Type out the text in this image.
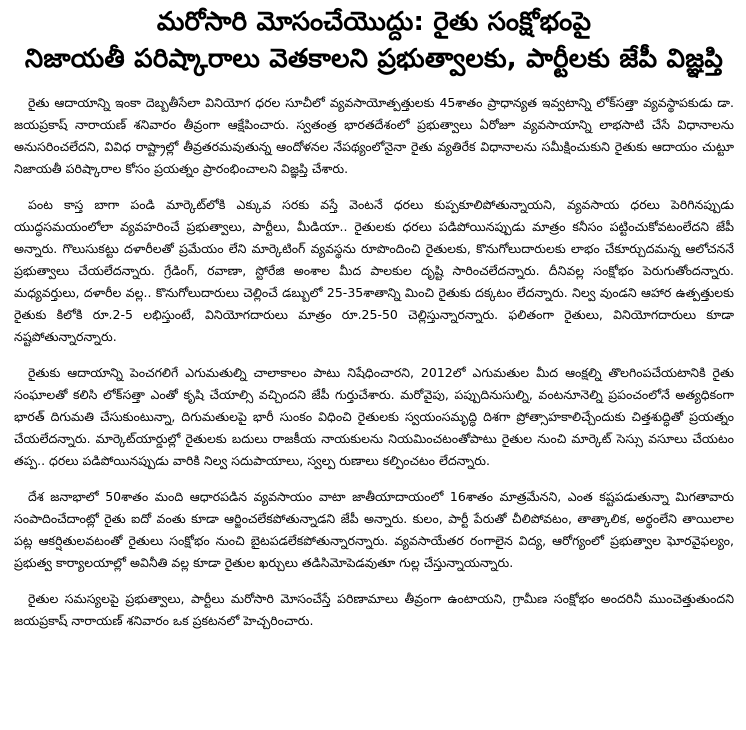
మరోసారి మోసంచేయొద్దు: రైతు సంక్షోభంపై
నిజాయతీ పరిష్కారాలు వెతకాలని ప్రభుత్వాలకు, పార్టీలకు జేపీ విజ్ఞప్తి

రైతు ఆదాయాన్ని ఇంకా దెబ్బతీసేలా వినియోగ ధరల సూచీలో వ్యవసాయోత్పత్తులకు 45శాతం ప్రాధాన్యత ఇవ్వటాన్ని లోక్‌సత్తా వ్యవస్థాపకుడు డా. జయప్రకాష్ నారాయణ్ శనివారం తీవ్రంగా ఆక్షేపించారు. స్వతంత్ర భారతదేశంలో ప్రభుత్వాలు ఏరోజూ వ్యవసాయాన్ని లాభసాటి చేసే విధానాలను అనుసరించలేదని, వివిధ రాష్ట్రాల్లో తీవ్రతరమవుతున్న ఆందోళనల నేపథ్యంలోనైనా రైతు వ్యతిరేక విధానాలను సమీక్షించుకుని రైతుకు ఆదాయం చుట్టూ నిజాయతీ పరిష్కారాల కోసం ప్రయత్నం ప్రారంభించాలని విజ్ఞప్తి చేశారు.

పంట కాస్త బాగా పండి మార్కెట్‌లోకి ఎక్కువ సరకు వస్తే వెంటనే ధరలు కుప్పకూలిపోతున్నాయని, వ్యవసాయ ధరలు పెరిగినప్పుడు యుద్ధసమయంలోలా వ్యవహరించే ప్రభుత్వాలు, పార్టీలు, మీడియా.. రైతులకు ధరలు పడిపోయినప్పుడు మాత్రం కనీసం పట్టించుకోవటంలేదని జేపీ అన్నారు. గొలుసుకట్టు దళారీలతో ప్రమేయం లేని మార్కెటింగ్ వ్యవస్థను రూపొందించి రైతులకు, కొనుగోలుదారులకు లాభం చేకూర్చుదమన్న ఆలోచననే ప్రభుత్వాలు చేయలేదన్నారు. గ్రేడింగ్, రవాణా, స్టోరేజి అంశాల మీద పాలకుల దృష్టి సారించలేదన్నారు. దీనివల్ల సంక్షోభం పెరుగుతోందన్నారు. మధ్యవర్తులు, దళారీల వల్ల.. కొనుగోలుదారులు చెల్లించే డబ్బులో 25-35శాతాన్ని మించి రైతుకు దక్కటం లేదన్నారు. నిల్వ వుండని ఆహార ఉత్పత్తులకు రైతుకు కిలోకి రూ.2-5 లభిస్తుంటే, వినియోగదారులు మాత్రం రూ.25-50 చెల్లిస్తున్నారన్నారు. ఫలితంగా రైతులు, వినియోగదారులు కూడా నష్టపోతున్నారన్నారు.

రైతుకు ఆదాయాన్ని పెంచగలిగే ఎగుమతుల్ని చాలాకాలం పాటు నిషేధించారని, 2012లో ఎగుమతుల మీద ఆంక్షల్ని తొలగింపచేయటానికి రైతు సంఘాలతో కలిసి లోక్‌సత్తా ఎంతో కృషి చేయాల్సి వచ్చిందని జేపీ గుర్తుచేశారు. మరోవైపు, పప్పుదినుసుల్ని, వంటనూనెల్ని ప్రపంచంలోనే అత్యధికంగా భారత్ దిగుమతి చేసుకుంటున్నా, దిగుమతులపై భారీ సుంకం విధించి రైతులకు స్వయంసమృద్ధి దిశగా ప్రోత్సాహకాలిచ్చేందుకు చిత్తశుద్ధితో ప్రయత్నం చేయలేదన్నారు. మార్కెట్‌యార్డుల్లో రైతులకు బదులు రాజకీయ నాయకులను నియమించటంతోపాటు రైతుల నుంచి మార్కెట్ సెస్సు వసూలు చేయటం తప్ప.. ధరలు పడిపోయినప్పుడు వారికి నిల్వ సదుపాయాలు, స్వల్ప రుణాలు కల్పించటం లేదన్నారు.

దేశ జనాభాలో 50శాతం మంది ఆధారపడిన వ్యవసాయం వాటా జాతీయాదాయంలో 16శాతం మాత్రమేనని, ఎంత కష్టపడుతున్నా మిగతావారు సంపాదించేదాంట్లో రైతు ఐదో వంతు కూడా ఆర్జించలేకపోతున్నాడని జేపీ అన్నారు. కులం, పార్టీ పేరుతో చీలిపోవటం, తాత్కాలిక, అర్థంలేని తాయిలాల పట్ల ఆకర్షితులవటంతో రైతులు సంక్షోభం నుంచి బైటపడలేకపోతున్నారన్నారు. వ్యవసాయేతర రంగాలైన విద్య, ఆరోగ్యంలో ప్రభుత్వాల ఘోరవైఫల్యం, ప్రభుత్వ కార్యాలయాల్లో అవినీతి వల్ల కూడా రైతుల ఖర్చులు తడిసిమోపెడవుతూ గుల్ల చేస్తున్నాయన్నారు.

రైతుల సమస్యలపై ప్రభుత్వాలు, పార్టీలు మరోసారి మోసంచేస్తే పరిణామాలు తీవ్రంగా ఉంటాయని, గ్రామీణ సంక్షోభం అందరినీ ముంచెత్తుతుందని జయప్రకాష్ నారాయణ్ శనివారం ఒక ప్రకటనలో హెచ్చరించారు.
